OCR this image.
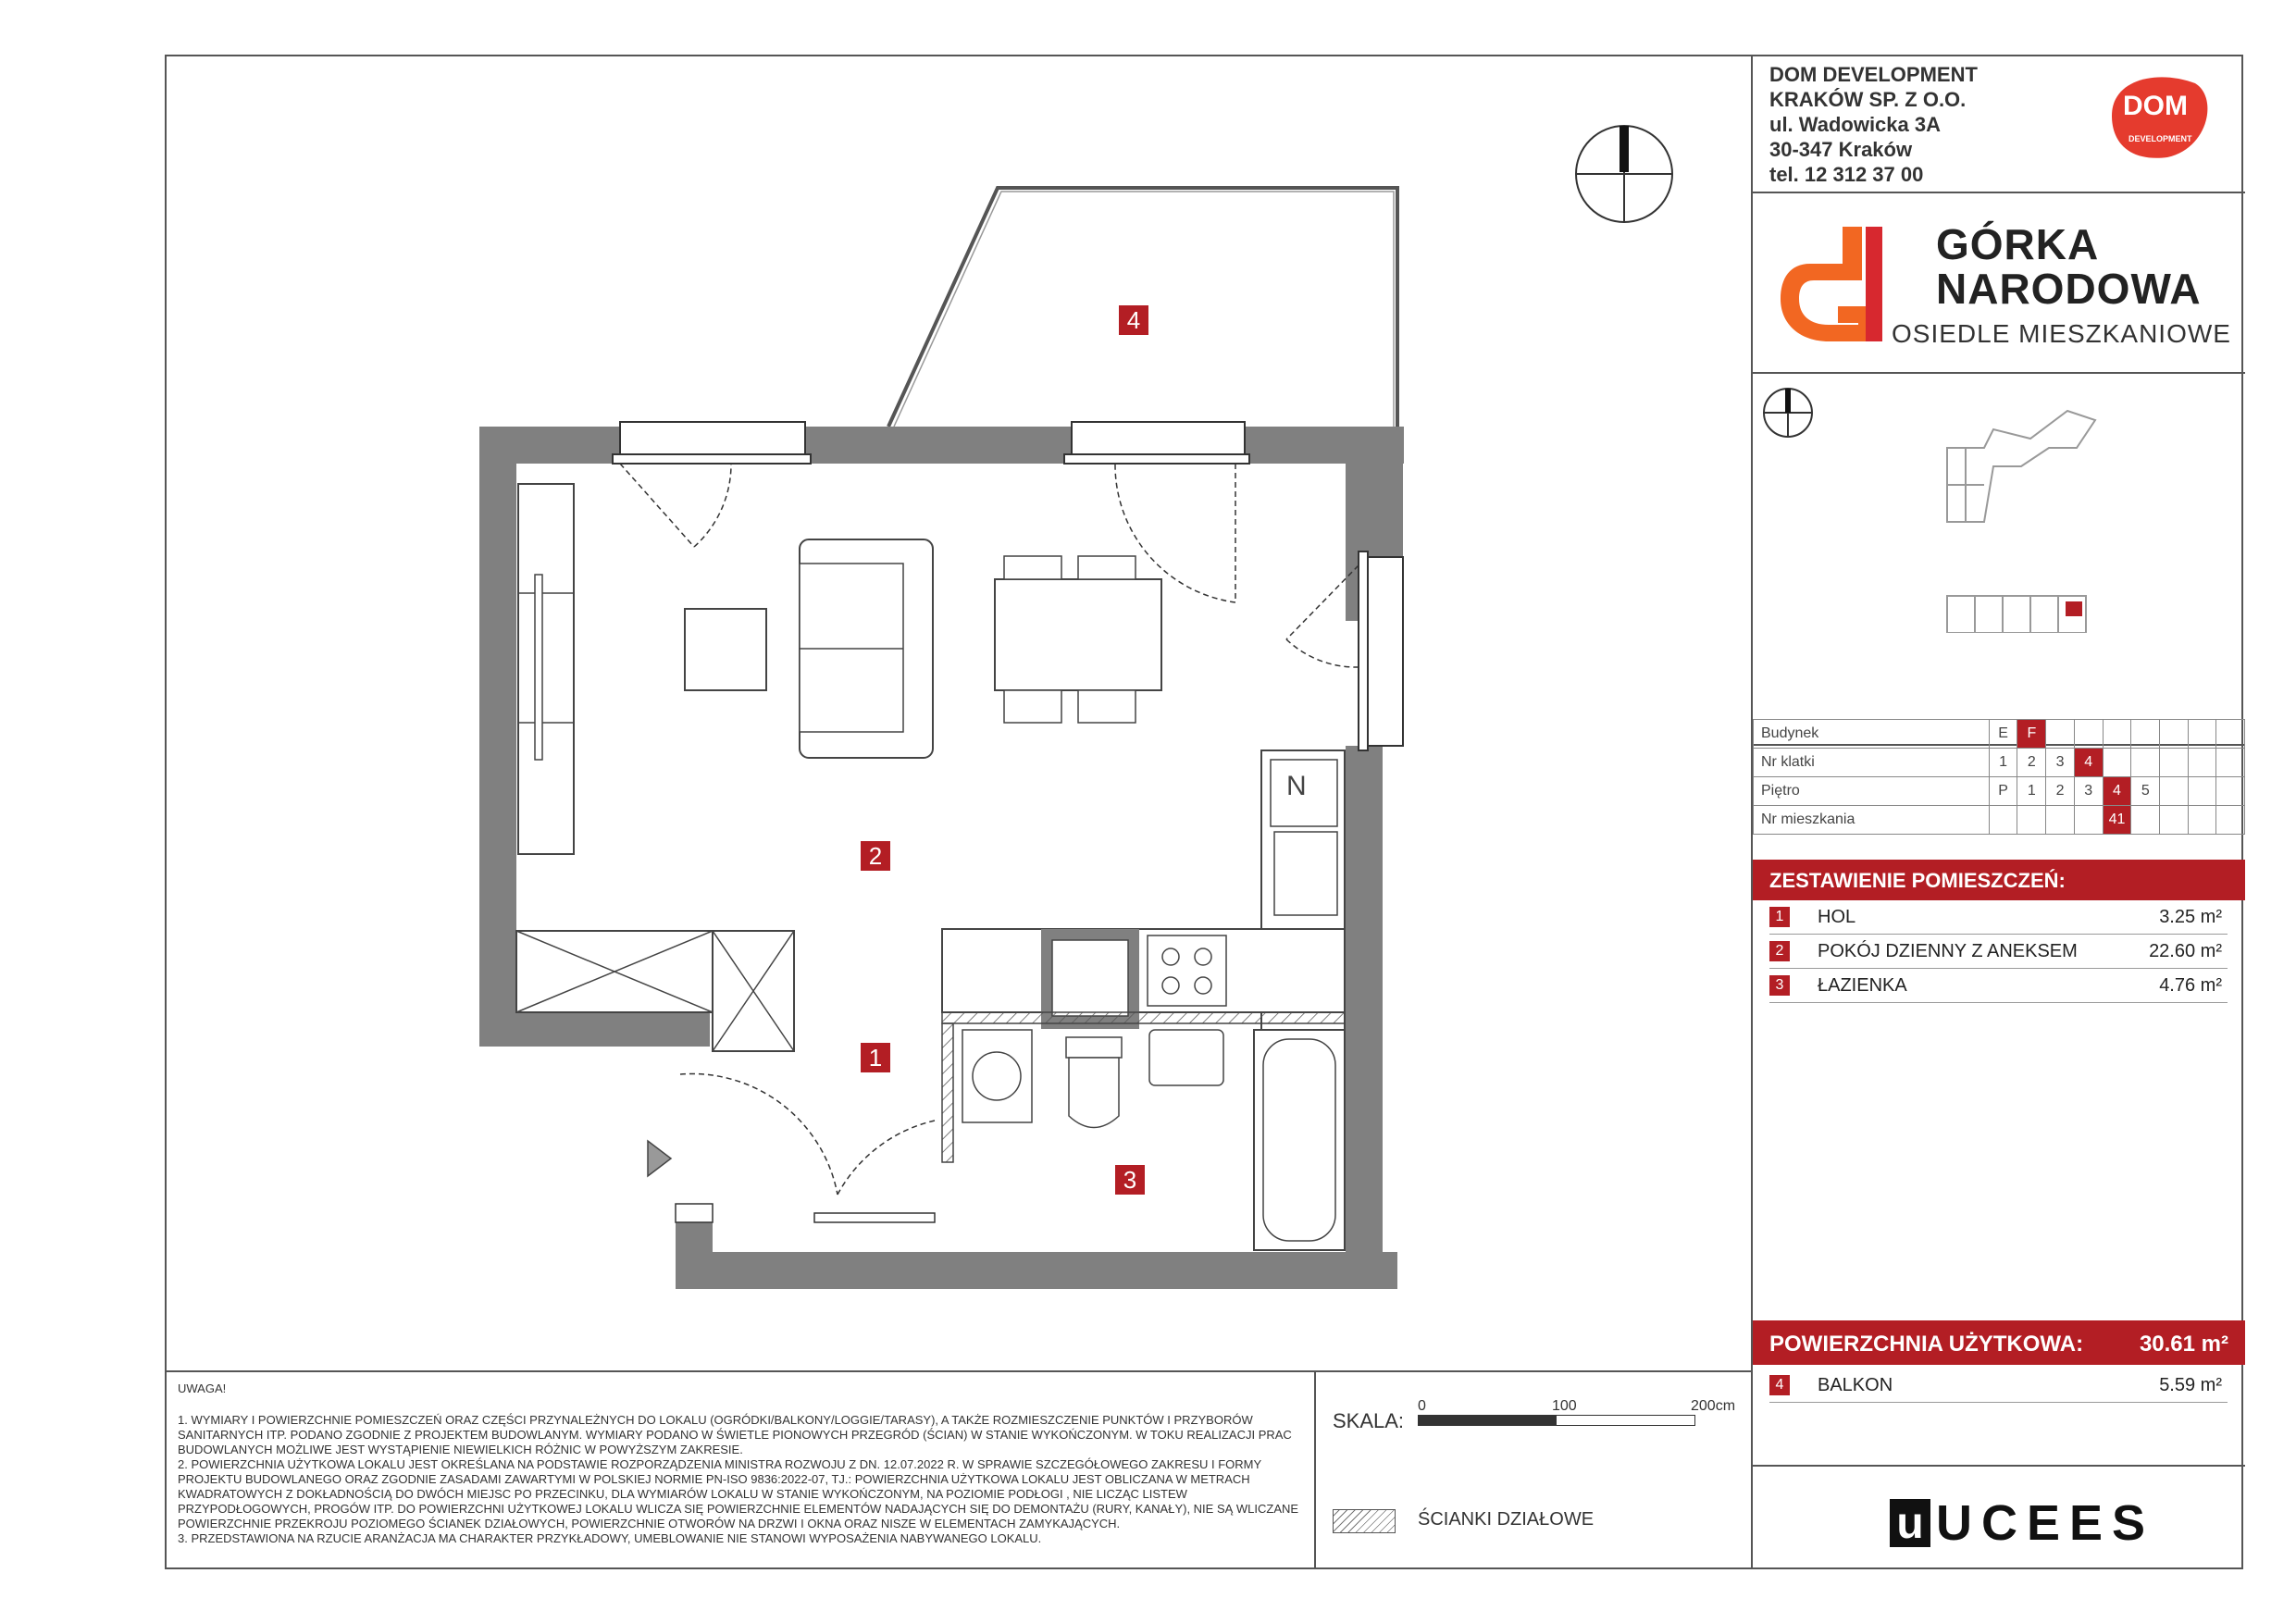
4
2
1
3
N
DOM DEVELOPMENT
KRAKÓW SP. Z O.O.
ul. Wadowicka 3A
30-347 Kraków
tel. 12 312 37 00
DOM
DEVELOPMENT
GÓRKA
NARODOWA
OSIEDLE MIESZKANIOWE
Budynek	E	F							
Nr klatki	1	2	3	4					
Piętro	P	1	2	3	4	5			
Nr mieszkania					41				
ZESTAWIENIE POMIESZCZEŃ:
1	HOL	3.25 m²
2	POKÓJ DZIENNY Z ANEKSEM	22.60 m²
3	ŁAZIENKA	4.76 m²
POWIERZCHNIA UŻYTKOWA:	30.61 m²
4	BALKON	5.59 m²
u UCEES
UWAGA!
1. WYMIARY I POWIERZCHNIE POMIESZCZEŃ ORAZ CZĘŚCI PRZYNALEŻNYCH DO LOKALU (OGRÓDKI/BALKONY/LOGGIE/TARASY), A TAKŻE ROZMIESZCZENIE PUNKTÓW I PRZYBORÓW SANITARNYCH ITP. PODANO ZGODNIE Z PROJEKTEM BUDOWLANYM. WYMIARY PODANO W ŚWIETLE PIONOWYCH PRZEGRÓD (ŚCIAN) W STANIE WYKOŃCZONYM. W TOKU REALIZACJI PRAC BUDOWLANYCH MOŻLIWE JEST WYSTĄPIENIE NIEWIELKICH RÓŻNIC W POWYŻSZYM ZAKRESIE.
2. POWIERZCHNIA UŻYTKOWA LOKALU JEST OKREŚLANA NA PODSTAWIE ROZPORZĄDZENIA MINISTRA ROZWOJU Z DN. 12.07.2022 R. W SPRAWIE SZCZEGÓŁOWEGO ZAKRESU I FORMY PROJEKTU BUDOWLANEGO ORAZ ZGODNIE ZASADAMI ZAWARTYMI W POLSKIEJ NORMIE PN-ISO 9836:2022-07, TJ.: POWIERZCHNIA UŻYTKOWA LOKALU JEST OBLICZANA W METRACH KWADRATOWYCH Z DOKŁADNOŚCIĄ DO DWÓCH MIEJSC PO PRZECINKU, DLA WYMIARÓW LOKALU W STANIE WYKOŃCZONYM, NA POZIOMIE PODŁOGI , NIE LICZĄC LISTEW PRZYPODŁOGOWYCH, PROGÓW ITP. DO POWIERZCHNI UŻYTKOWEJ LOKALU WLICZA SIĘ POWIERZCHNIE ELEMENTÓW NADAJĄCYCH SIĘ DO DEMONTAŻU (RURY, KANAŁY), NIE SĄ WLICZANE POWIERZCHNIE PRZEKROJU POZIOMEGO ŚCIANEK DZIAŁOWYCH, POWIERZCHNIE OTWORÓW NA DRZWI I OKNA ORAZ NISZE W ELEMENTACH ZAMYKAJĄCYCH.
3. PRZEDSTAWIONA NA RZUCIE ARANŻACJA MA CHARAKTER PRZYKŁADOWY, UMEBLOWANIE NIE STANOWI WYPOSAŻENIA NABYWANEGO LOKALU.
SKALA:
0	100	200cm
ŚCIANKI DZIAŁOWE
